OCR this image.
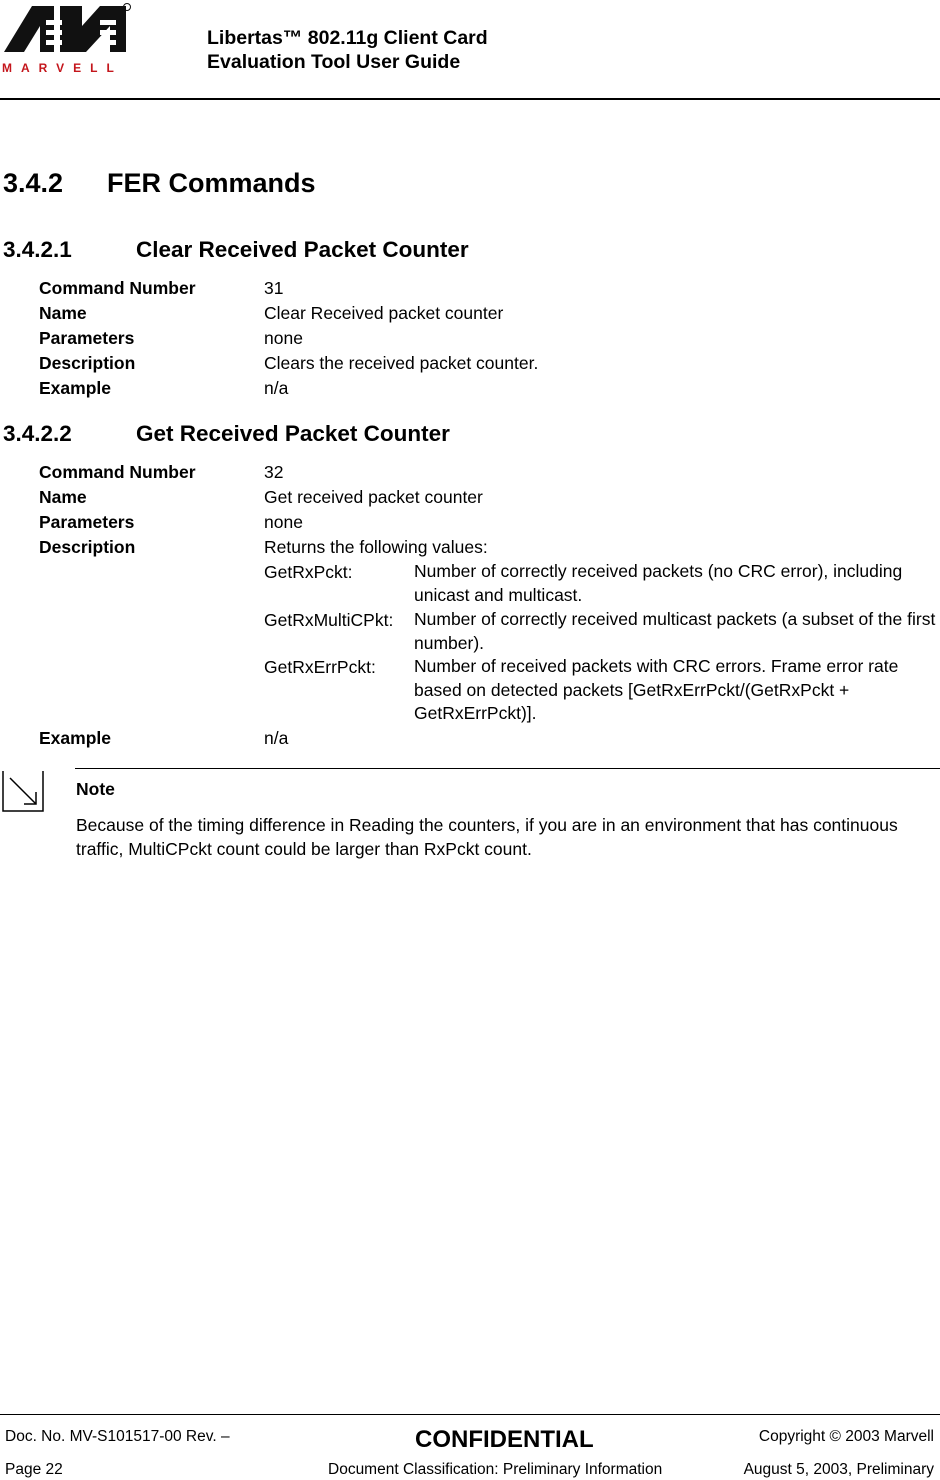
MARVELL
Libertas™ 802.11g Client Card
Evaluation Tool User Guide
3.4.2 FER Commands
3.4.2.1	Clear Received Packet Counter
Command Number	31
Name	Clear Received packet counter
Parameters	none
Description	Clears the received packet counter.
Example	n/a
3.4.2.2	Get Received Packet Counter
Command Number	32
Name	Get received packet counter
Parameters	none
Description	Returns the following values:
GetRxPckt:	Number of correctly received packets (no CRC error), including unicast and multicast.
GetRxMultiCPkt: Number of correctly received multicast packets (a subset of the first number).
GetRxErrPckt: Number of received packets with CRC errors. Frame error rate based on detected packets [GetRxErrPckt/(GetRxPckt + GetRxErrPckt)].
Example	n/a
Note
Because of the timing difference in Reading the counters, if you are in an environment that has continuous traffic, MultiCPckt count could be larger than RxPckt count.
Doc. No. MV-S101517-00 Rev. –	CONFIDENTIAL	Copyright © 2003 Marvell
Page 22	Document Classification: Preliminary Information	August 5, 2003, Preliminary
